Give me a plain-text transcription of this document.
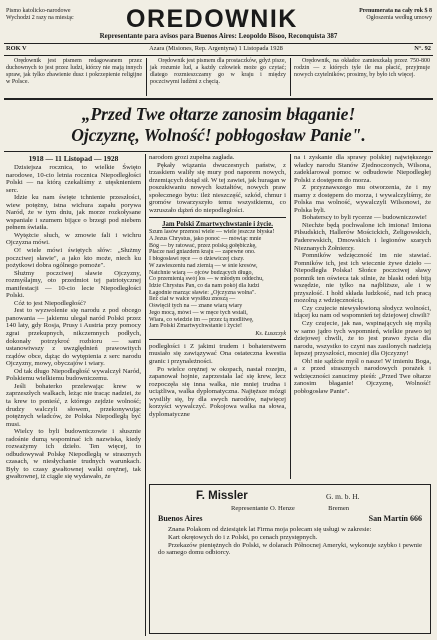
Pismo katolicko-narodowe
Wychodzi 2 razy na miesiąc	OREDOWNIK	Prenumerata na cały rok $ 8
Ogłoszenia według umowy
Representante para avisos para Buenos Aires: Leopoldo Bisoo, Reconquista 387
ROK V	Azara (Misiones, Rep. Argentyna) 1 Listopada 1928	N°. 92

Orędownik jest pismem redagowanem przez duchownych to jest przez ludzi, którzy nie mają innych spraw, jak tylko zbawienie dusz i pokrzepienie religijne w Polsce.

Orędownik jest pismem dla prostaczków, gdyż pisze, jak rozumie lud, a każdy człowiek może go czytać; dlatego rozmieszczamy go w kraju i między poczciwymi ludźmi z chęcią.

Orędownik, na okładce zamieszkałą przez 750-800 rodzin — z których tyle ile ma płacić, przyjmuje nowych czytelników; prosimy, by było ich więcej.

„Przed Twe ołtarze zanosim błaganie!
Ojczyznę, Wolność! pobłogosław Panie".
1918 — 11 Listopad — 1928

Dzisiejsza rocznica, to wielkie Święto narodowe, 10-cio letnia rocznica Niepodległości Polski — na którą czekaliśmy z utęsknieniem serc.

Idzie ku nam święte tchnienie przeszłości, wiew potężny, istna wichura zapału porywa Naród, że w tym dniu, jak morze rozkołysane wspaniale i szumem bijące o brzegi pod niebem pełnem światła.

Wytężcie słuch, w zmowie fali i wichru Ojczyzna mówi.

O! wiele mówi świętych słów: „Służmy poczciwej sławie", a jako kto może, niech ku pożytkowi dobra ogólnego pomoże".

Służmy poczciwej sławie Ojczyzny, rozmyślajmy, oto przedmiot tej patriotycznej manifestacji — 10-cio lecie Niepodległości Polski.

Cóż to jest Niepodległość?

Jest to wyzwolenie się narodu z pod obcego panowania — jakiemu ulegał naród Polski przez 140 laty, gdy Rosja, Prusy i Austria przy pomocy zgrai przekupnych, nikczemnych podłych, dokonały potrzykroć rozbioru — sami ustanowiwszy z uwzględnień prawowitych rządów obce, dążąc do wytępienia z serc narodu Ojczyzny, mowy, obyczajów i wiary.

Od tak długo Niepodległość wywalczył Naród, Polskiemu wielkiemu budowniczemu.

Jeśli bohaterko przelewając krew w zaprzeszłych walkach, leżąc nie tracąc nadziei, że ta krew to ponieść, z którego zejdzie wolność; drudzy walczyli słowem, przekonywując potężnych władców, że Polska Niepodległą być musi.

Wielcy to byli budowniczowie i słusznie radośnie dumą wspominać ich nazwiska, kiedy rozważymy ich dzieło. Ten więcej, to odbudowywał Polskę Niepodległą w strasznych czasach, w niesłychanie trudnych warunkach. Były to czasy gwałtownej walki orężnej, tak gwałtownej, iż ciągle się wydawało, że

narodom grozi zupełna zagłada.

Pękały wiązania dwuczesnych państw, z trzaskiem waliły się mury pod naporem nowych, drzemiących dotąd sił. W tej zawiei, jak huragan w poszukiwaniu nowych kształtów, nowych praw społecznego bytu: ileż nieszczęść, szkód, chmur i gromów towarzyszyło temu wszystkiemu, co wzruszało dążeń do niepodległości.

Jam Polski Zmartwychwstanie i życie.
Szum lasów przenosi wiele — wiele jeszcze błyska!
A Jezus Chrystus, jako ponoć — mówiąc mnie
Bóg — by ratować, przez polską gołębiczkę,
Płacze nad gniazdem kraju — zapewne ono.
I błogosławi ręce — o dziewiczej ciszy.
W zawieszeniu nad ziemią — w śnie kresów,
Natchnie wiarą — ojców budzących długo,
Co przemienią swój los — w młodym oddechu,
Idzie Chrystus Pan, co da nam pokój dla ludzi
Łagodnie marząc sławie: „Ojczyzna wolna".
Ileż ciał w walce wysiłku znoszą —
Oświęcił tych na — znane wiarą wiary
Jego mocą, mówi — w męce tych wstali,
Wiara, co wiedzie im — przez tą modlitwę,
Jam Polski Zmartwychwstanie i życie!
Ks. Łuszczyk

podległości i Z jakimi trudem i bohaterstwem musiało się zawiązywać Ona ostateczna kwestia granic i przynależności.

Po wielce orężnej w okopach, nastał rozejm, zapanował hojnie, zaprzestała lać się krew, lecz rozpoczęła się inna walka, nie mniej trudna i uciążliwa, walka dyplomatyczna. Najtęższe mózgi wysiliły się, by dla swych narodów, najwięcej korzyści wywalczyć. Pokojowa walka na słowa, dyplomatyczne

na i zyskanie dla sprawy polskiej największego władcy narodu Stanów Zjednoczonych, Wilsona, zadeklarował pomoc w odbudowie Niepodległej Polski z dostępem do morza.

Z przyznawszego mu otworzenia, że i my mamy z dostępem do morza, i wywalczyliśmy, że Polska ma wolność, wywalczyli Wilsonowi, że Polska byli.

Bohaterscy to byli rycerze — budowniczowie!

Niechże będą pochwalone ich imiona! Imiona Piłsudskich, Hallerów Mościckich, Żeligowskich, Paderewskich, Dmowskich i legionów szarych Nieznanych Żołnierzy.

Pomników wdzięczność im nie stawiać. Pomników ich, jest ich wiecznie żywe dzieło — Niepodległa Polska! Słońce poczciwej sławy pomnik ten oświeca tak silnie, że blaski odeń biją wszędzie, nie tylko na najbliższe, ale i w przyszłość. I hołd składa ludzkość, nad ich pracą mozolną z wdzięcznością.

Czy czujecie niewysłowioną słodycz wolności, idącej ku nam od wspomnień tej dziejowej chwili?

Czy czujecie, jak nas, wspinających się myślą w samo jądro tych wspomnień, wielkie prawo tej dziejowej chwili, że to jest prawo życia dla narodu, wszystko to czyni nas zasilonych nadzieją lepszej przyszłości, mocniej dla Ojczyzny!

Oh! nie sądźcie myśl o nasze! W imieniu Boga, a z przed strasznych narodowych porażek i wdzięczności zanucimy pieśń: „Przed Twe ołtarze zanosim błaganie! Ojczyznę, Wolność! pobłogosław Panie".

F. Missler	G. m. b. H.
Representante O. Henze	Bremen
Buenos Aires	San Martín 666

Znana Polakom od dziesiątek lat Firma moja polecam się usługi w zakresie:

Kart okrętowych do i z Polski, po cenach przystępnych.

Przekazów pieniężnych do Polski, w dolarach Północnej Ameryki, wykonuje szybko i pewnie do samego domu odbiorcy.
